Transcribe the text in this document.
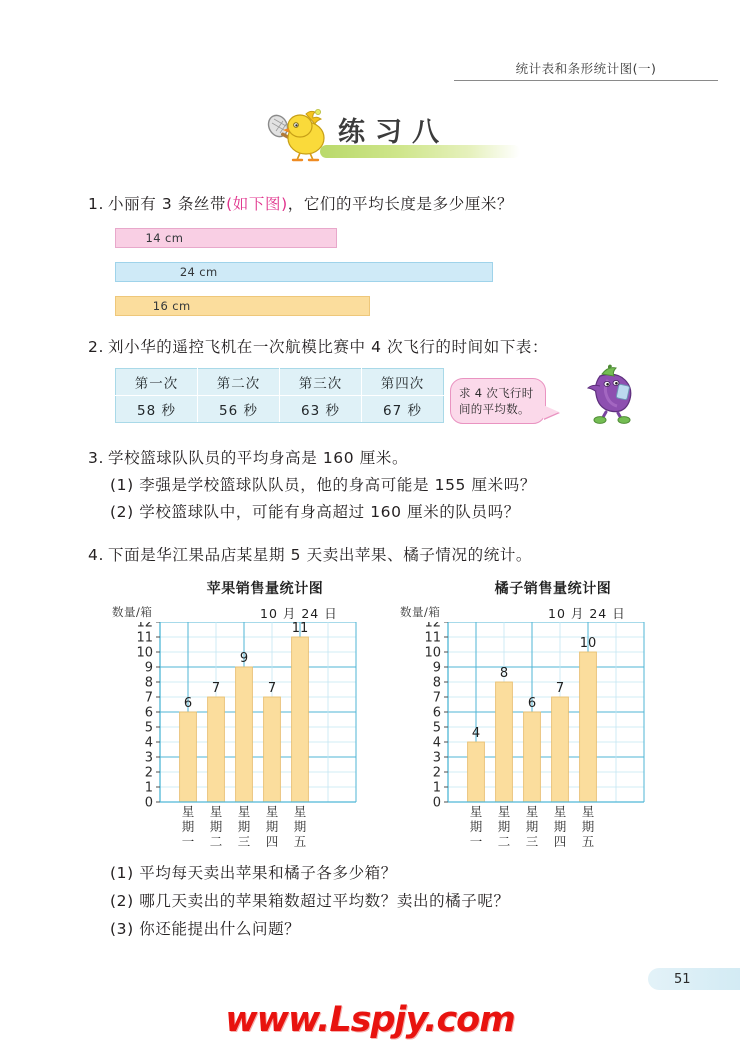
统计表和条形统计图(一)
练习八
1. 小丽有 3 条丝带(如下图)，它们的平均长度是多少厘米？
14 cm
24 cm
16 cm
2. 刘小华的遥控飞机在一次航模比赛中 4 次飞行的时间如下表：
第一次	第二次	第三次	第四次
58 秒	56 秒	63 秒	67 秒
求 4 次飞行时间的平均数。
3. 学校篮球队队员的平均身高是 160 厘米。
(1) 李强是学校篮球队队员，他的身高可能是 155 厘米吗？
(2) 学校篮球队中，可能有身高超过 160 厘米的队员吗？
4. 下面是华江果品店某星期 5 天卖出苹果、橘子情况的统计。
苹果销售量统计图
数量/箱	10 月 24 日
6
7
9
7
11
0
1
2
3
4
5
6
7
8
9
10
11
12
星
期
一
星
期
二
星
期
三
星
期
四
星
期
五
橘子销售量统计图
数量/箱	10 月 24 日
4
8
6
7
10
0
1
2
3
4
5
6
7
8
9
10
11
12
星
期
一
星
期
二
星
期
三
星
期
四
星
期
五
(1) 平均每天卖出苹果和橘子各多少箱？
(2) 哪几天卖出的苹果箱数超过平均数？卖出的橘子呢？
(3) 你还能提出什么问题？
51
www.Lspjy.com
